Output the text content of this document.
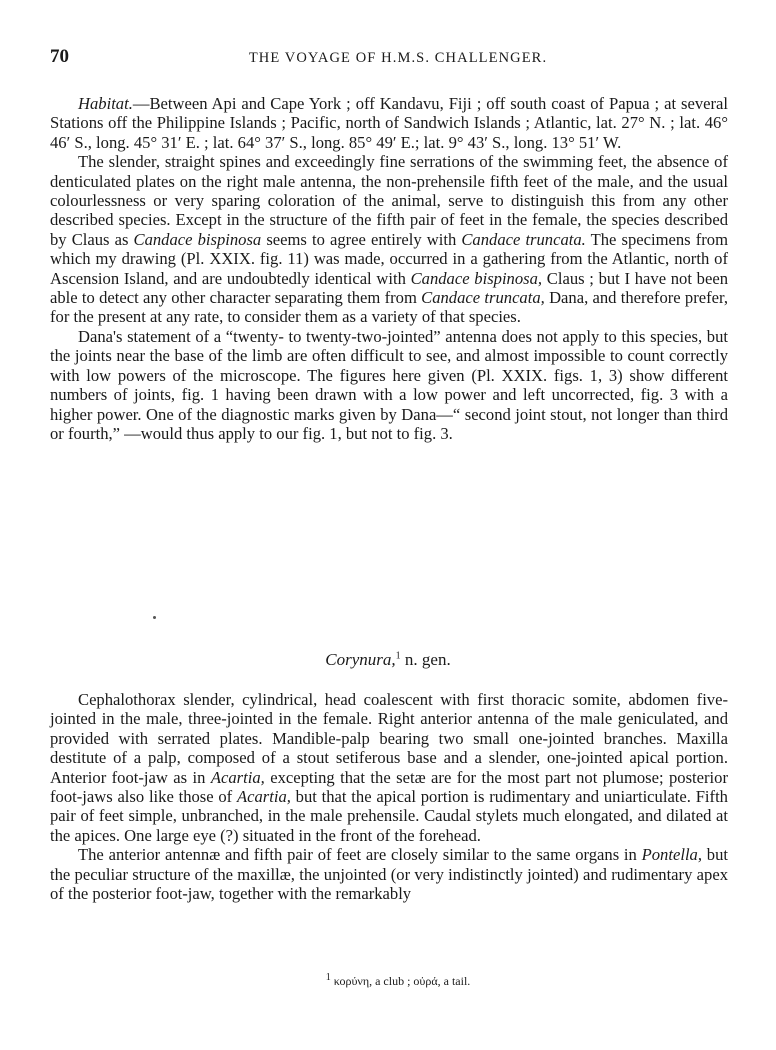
70	THE VOYAGE OF H.M.S. CHALLENGER.

Habitat.—Between Api and Cape York ; off Kandavu, Fiji ; off south coast of Papua ; at several Stations off the Philippine Islands ; Pacific, north of Sandwich Islands ; Atlantic, lat. 27° N. ; lat. 46° 46′ S., long. 45° 31′ E. ; lat. 64° 37′ S., long. 85° 49′ E.; lat. 9° 43′ S., long. 13° 51′ W.

The slender, straight spines and exceedingly fine serrations of the swimming feet, the absence of denticulated plates on the right male antenna, the non-prehensile fifth feet of the male, and the usual colourlessness or very sparing coloration of the animal, serve to distinguish this from any other described species. Except in the structure of the fifth pair of feet in the female, the species described by Claus as Candace bispinosa seems to agree entirely with Candace truncata. The specimens from which my drawing (Pl. XXIX. fig. 11) was made, occurred in a gathering from the Atlantic, north of Ascension Island, and are undoubtedly identical with Candace bispinosa, Claus ; but I have not been able to detect any other character separating them from Candace truncata, Dana, and therefore prefer, for the present at any rate, to consider them as a variety of that species.

Dana's statement of a “twenty- to twenty-two-jointed” antenna does not apply to this species, but the joints near the base of the limb are often difficult to see, and almost impossible to count correctly with low powers of the microscope. The figures here given (Pl. XXIX. figs. 1, 3) show different numbers of joints, fig. 1 having been drawn with a low power and left uncorrected, fig. 3 with a higher power. One of the diagnostic marks given by Dana—“ second joint stout, not longer than third or fourth,” —would thus apply to our fig. 1, but not to fig. 3.

Corynura,$^1$ n. gen.

Cephalothorax slender, cylindrical, head coalescent with first thoracic somite, abdomen five-jointed in the male, three-jointed in the female. Right anterior antenna of the male geniculated, and provided with serrated plates. Mandible-palp bearing two small one-jointed branches. Maxilla destitute of a palp, composed of a stout setiferous base and a slender, one-jointed apical portion. Anterior foot-jaw as in Acartia, excepting that the setæ are for the most part not plumose; posterior foot-jaws also like those of Acartia, but that the apical portion is rudimentary and uniarticulate. Fifth pair of feet simple, unbranched, in the male prehensile. Caudal stylets much elongated, and dilated at the apices. One large eye (?) situated in the front of the forehead.

The anterior antennæ and fifth pair of feet are closely similar to the same organs in Pontella, but the peculiar structure of the maxillæ, the unjointed (or very indistinctly jointed) and rudimentary apex of the posterior foot-jaw, together with the remarkably

$^1$ κορύνη, a club ; οὐρά, a tail.
